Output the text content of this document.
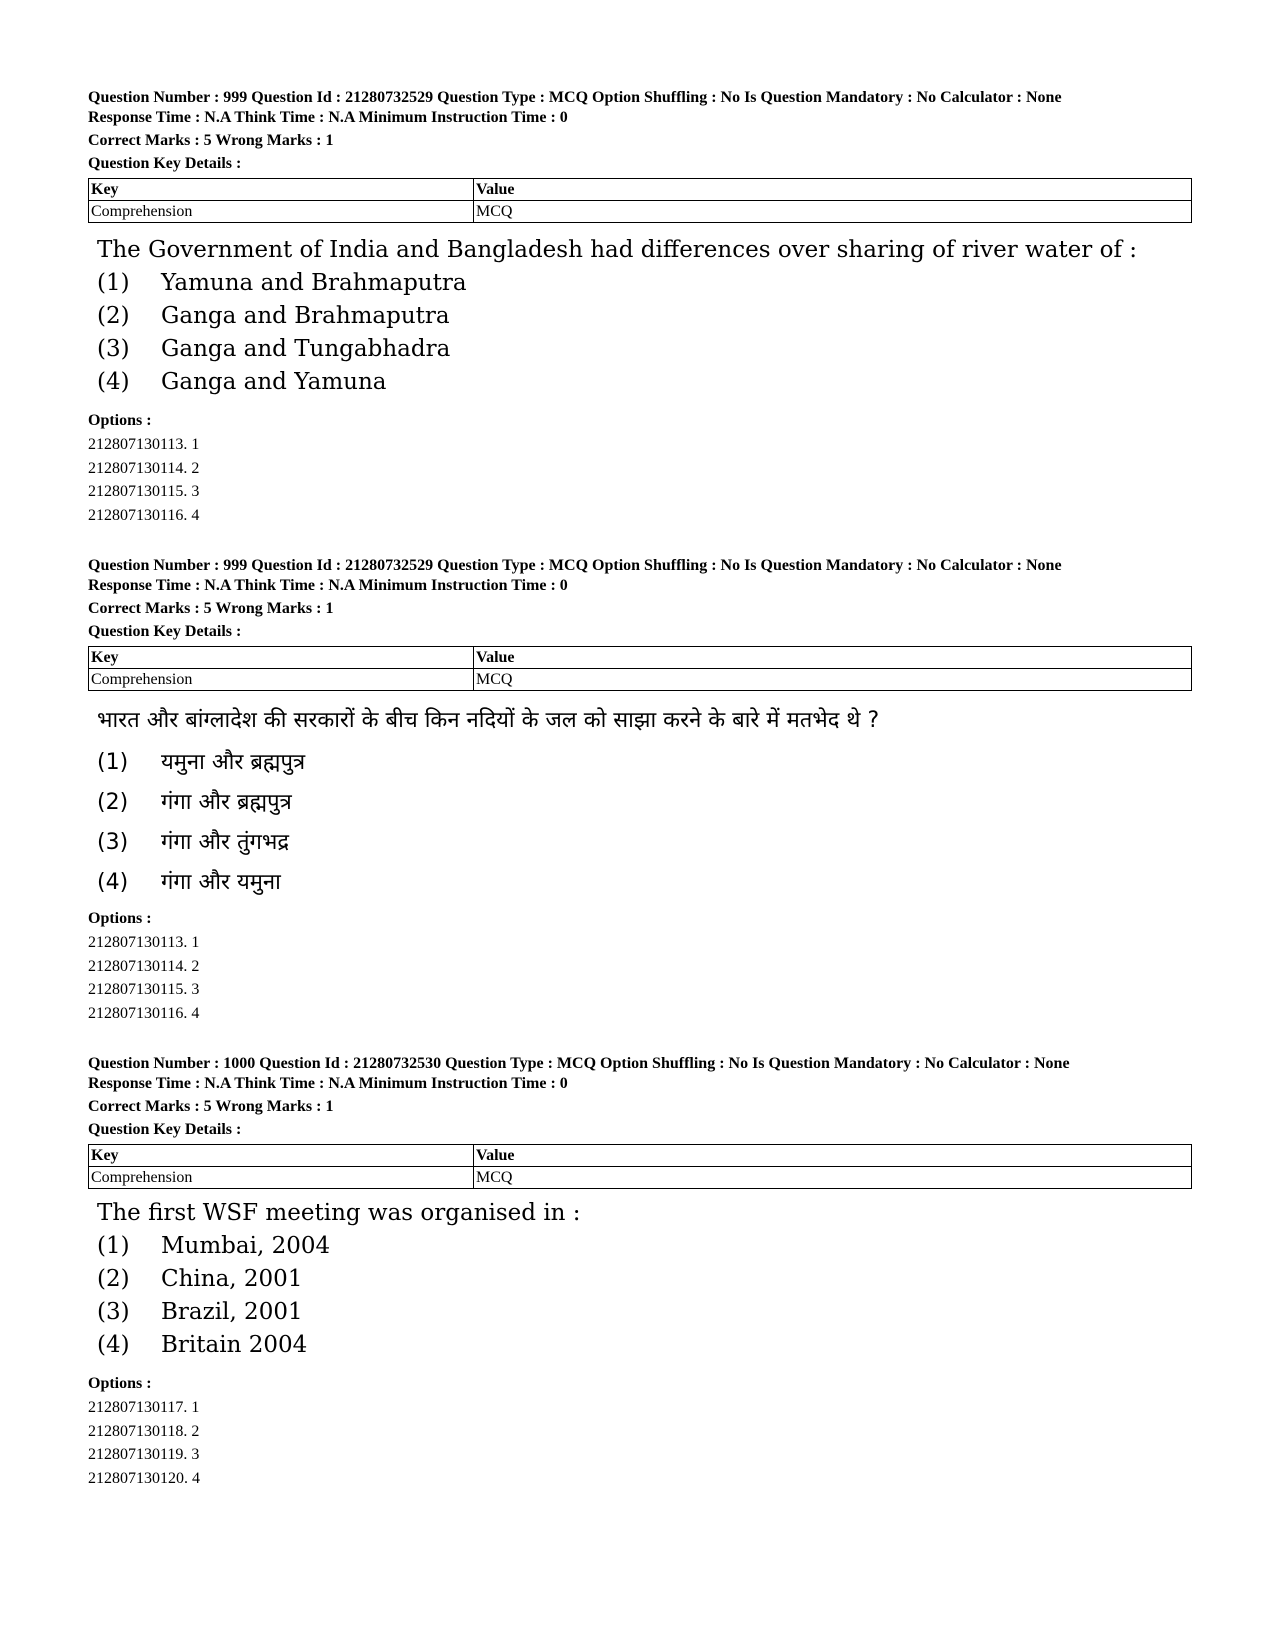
Question Number : 999 Question Id : 21280732529 Question Type : MCQ Option Shuffling : No Is Question Mandatory : No Calculator : None
Response Time : N.A Think Time : N.A Minimum Instruction Time : 0
Correct Marks : 5 Wrong Marks : 1
Question Key Details :
Key	Value
Comprehension	MCQ
The Government of India and Bangladesh had differences over sharing of river water of :
(1)	Yamuna and Brahmaputra
(2)	Ganga and Brahmaputra
(3)	Ganga and Tungabhadra
(4)	Ganga and Yamuna
Options :
212807130113. 1
212807130114. 2
212807130115. 3
212807130116. 4
Question Number : 999 Question Id : 21280732529 Question Type : MCQ Option Shuffling : No Is Question Mandatory : No Calculator : None
Response Time : N.A Think Time : N.A Minimum Instruction Time : 0
Correct Marks : 5 Wrong Marks : 1
Question Key Details :
Key	Value
Comprehension	MCQ
भारत और बांग्लादेश की सरकारों के बीच किन नदियों के जल को साझा करने के बारे में मतभेद थे ?
(1)	यमुना और ब्रह्मपुत्र
(2)	गंगा और ब्रह्मपुत्र
(3)	गंगा और तुंगभद्र
(4)	गंगा और यमुना
Options :
212807130113. 1
212807130114. 2
212807130115. 3
212807130116. 4
Question Number : 1000 Question Id : 21280732530 Question Type : MCQ Option Shuffling : No Is Question Mandatory : No Calculator : None
Response Time : N.A Think Time : N.A Minimum Instruction Time : 0
Correct Marks : 5 Wrong Marks : 1
Question Key Details :
Key	Value
Comprehension	MCQ
The first WSF meeting was organised in :
(1)	Mumbai, 2004
(2)	China, 2001
(3)	Brazil, 2001
(4)	Britain 2004
Options :
212807130117. 1
212807130118. 2
212807130119. 3
212807130120. 4
